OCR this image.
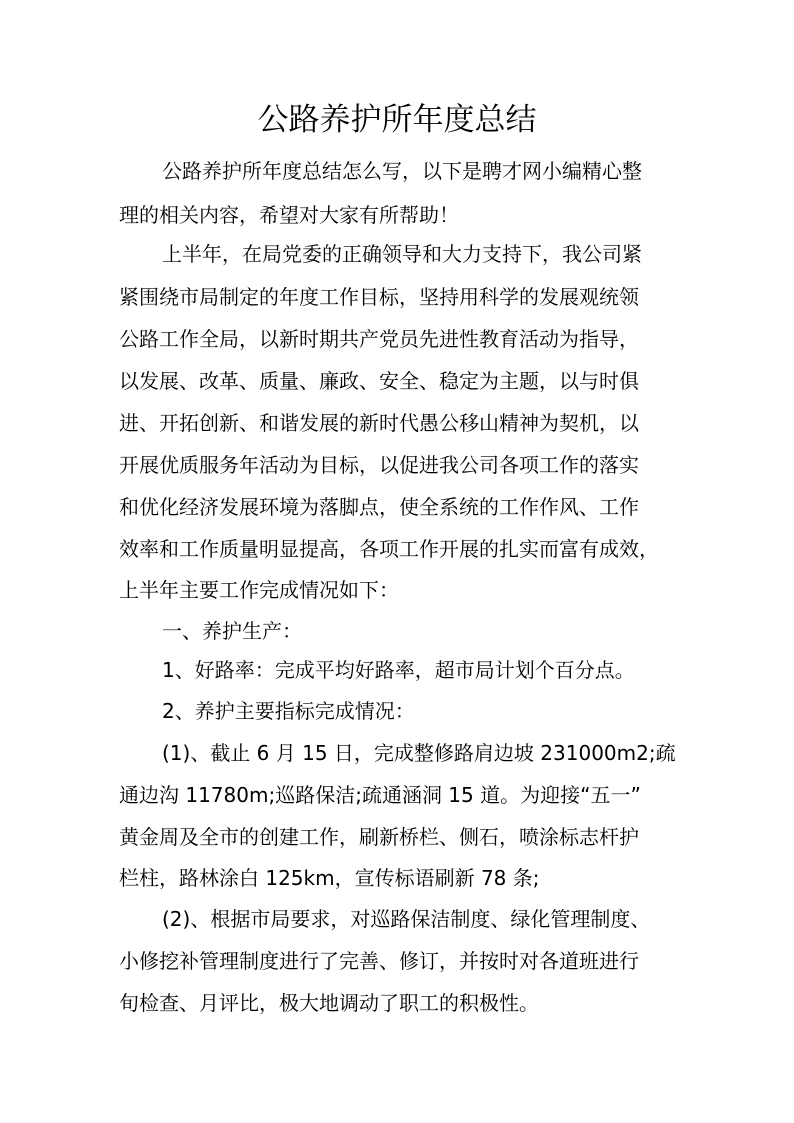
公路养护所年度总结

公路养护所年度总结怎么写，以下是聘才网小编精心整

理的相关内容，希望对大家有所帮助！

上半年，在局党委的正确领导和大力支持下，我公司紧

紧围绕市局制定的年度工作目标，坚持用科学的发展观统领

公路工作全局，以新时期共产党员先进性教育活动为指导，

以发展、改革、质量、廉政、安全、稳定为主题，以与时俱

进、开拓创新、和谐发展的新时代愚公移山精神为契机，以

开展优质服务年活动为目标，以促进我公司各项工作的落实

和优化经济发展环境为落脚点，使全系统的工作作风、工作

效率和工作质量明显提高，各项工作开展的扎实而富有成效，

上半年主要工作完成情况如下：

一、养护生产：

1、好路率：完成平均好路率，超市局计划个百分点。

2、养护主要指标完成情况：

(1)、截止 6 月 15 日，完成整修路肩边坡 231000m2;疏

通边沟 11780m;巡路保洁;疏通涵洞 15 道。为迎接“五一”

黄金周及全市的创建工作，刷新桥栏、侧石，喷涂标志杆护

栏柱，路林涂白 125km，宣传标语刷新 78 条;

(2)、根据市局要求，对巡路保洁制度、绿化管理制度、

小修挖补管理制度进行了完善、修订，并按时对各道班进行

旬检查、月评比，极大地调动了职工的积极性。
